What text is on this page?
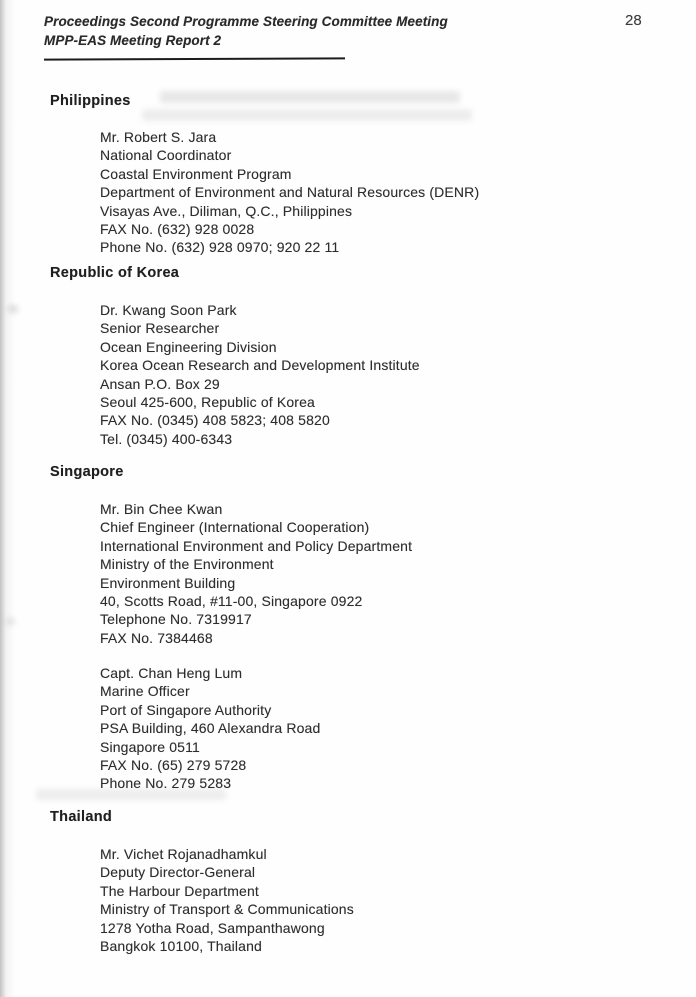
Proceedings Second Programme Steering Committee Meeting
MPP-EAS Meeting Report 2
28
Philippines

Mr. Robert S. Jara

National Coordinator

Coastal Environment Program

Department of Environment and Natural Resources (DENR)

Visayas Ave., Diliman, Q.C., Philippines

FAX No. (632) 928 0028

Phone No. (632) 928 0970; 920 22 11

Republic of Korea

Dr. Kwang Soon Park

Senior Researcher

Ocean Engineering Division

Korea Ocean Research and Development Institute

Ansan P.O. Box 29

Seoul 425-600, Republic of Korea

FAX No. (0345) 408 5823; 408 5820

Tel. (0345) 400-6343

Singapore

Mr. Bin Chee Kwan

Chief Engineer (International Cooperation)

International Environment and Policy Department

Ministry of the Environment

Environment Building

40, Scotts Road, #11-00, Singapore 0922

Telephone No. 7319917

FAX No. 7384468

Capt. Chan Heng Lum

Marine Officer

Port of Singapore Authority

PSA Building, 460 Alexandra Road

Singapore 0511

FAX No. (65) 279 5728

Phone No. 279 5283

Thailand

Mr. Vichet Rojanadhamkul

Deputy Director-General

The Harbour Department

Ministry of Transport & Communications

1278 Yotha Road, Sampanthawong

Bangkok 10100, Thailand
